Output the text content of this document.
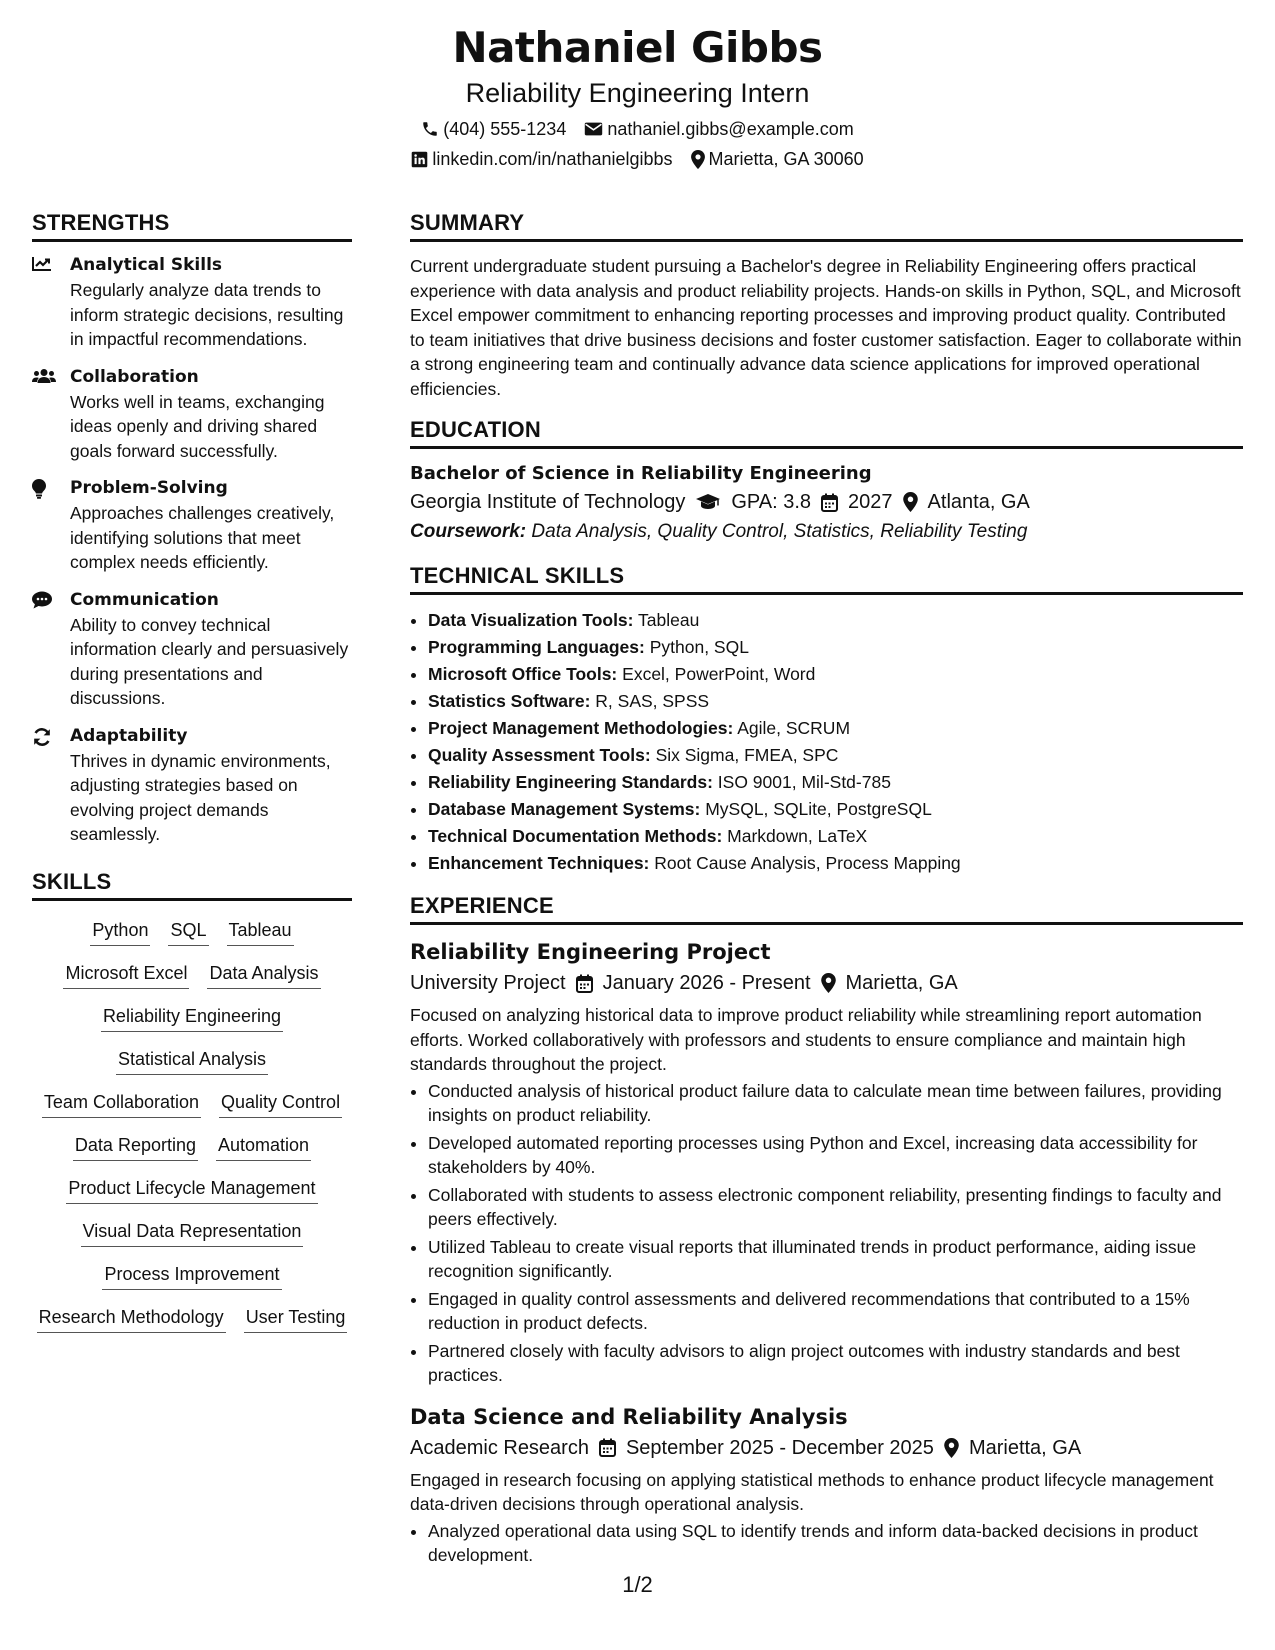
Nathaniel Gibbs
Reliability Engineering Intern
(404) 555-1234 nathaniel.gibbs@example.com
linkedin.com/in/nathanielgibbs Marietta, GA 30060
STRENGTHS
Analytical Skills
Regularly analyze data trends to inform strategic decisions, resulting in impactful recommendations.
Collaboration
Works well in teams, exchanging ideas openly and driving shared goals forward successfully.
Problem-Solving
Approaches challenges creatively, identifying solutions that meet complex needs efficiently.
Communication
Ability to convey technical information clearly and persuasively during presentations and discussions.
Adaptability
Thrives in dynamic environments, adjusting strategies based on evolving project demands seamlessly.
SKILLS
Python SQL Tableau
Microsoft Excel Data Analysis
Reliability Engineering
Statistical Analysis
Team Collaboration Quality Control
Data Reporting Automation
Product Lifecycle Management
Visual Data Representation
Process Improvement
Research Methodology User Testing
SUMMARY
Current undergraduate student pursuing a Bachelor's degree in Reliability Engineering offers practical experience with data analysis and product reliability projects. Hands-on skills in Python, SQL, and Microsoft Excel empower commitment to enhancing reporting processes and improving product quality. Contributed to team initiatives that drive business decisions and foster customer satisfaction. Eager to collaborate within a strong engineering team and continually advance data science applications for improved operational efficiencies.
EDUCATION
Bachelor of Science in Reliability Engineering
Georgia Institute of Technology GPA: 3.8 2027 Atlanta, GA
Coursework: Data Analysis, Quality Control, Statistics, Reliability Testing
TECHNICAL SKILLS
• Data Visualization Tools: Tableau
• Programming Languages: Python, SQL
• Microsoft Office Tools: Excel, PowerPoint, Word
• Statistics Software: R, SAS, SPSS
• Project Management Methodologies: Agile, SCRUM
• Quality Assessment Tools: Six Sigma, FMEA, SPC
• Reliability Engineering Standards: ISO 9001, Mil-Std-785
• Database Management Systems: MySQL, SQLite, PostgreSQL
• Technical Documentation Methods: Markdown, LaTeX
• Enhancement Techniques: Root Cause Analysis, Process Mapping
EXPERIENCE
Reliability Engineering Project
University Project January 2026 - Present Marietta, GA
Focused on analyzing historical data to improve product reliability while streamlining report automation efforts. Worked collaboratively with professors and students to ensure compliance and maintain high standards throughout the project.
• Conducted analysis of historical product failure data to calculate mean time between failures, providing insights on product reliability.
• Developed automated reporting processes using Python and Excel, increasing data accessibility for stakeholders by 40%.
• Collaborated with students to assess electronic component reliability, presenting findings to faculty and peers effectively.
• Utilized Tableau to create visual reports that illuminated trends in product performance, aiding issue recognition significantly.
• Engaged in quality control assessments and delivered recommendations that contributed to a 15% reduction in product defects.
• Partnered closely with faculty advisors to align project outcomes with industry standards and best practices.
Data Science and Reliability Analysis
Academic Research September 2025 - December 2025 Marietta, GA
Engaged in research focusing on applying statistical methods to enhance product lifecycle management data-driven decisions through operational analysis.
• Analyzed operational data using SQL to identify trends and inform data-backed decisions in product development.
1/2
